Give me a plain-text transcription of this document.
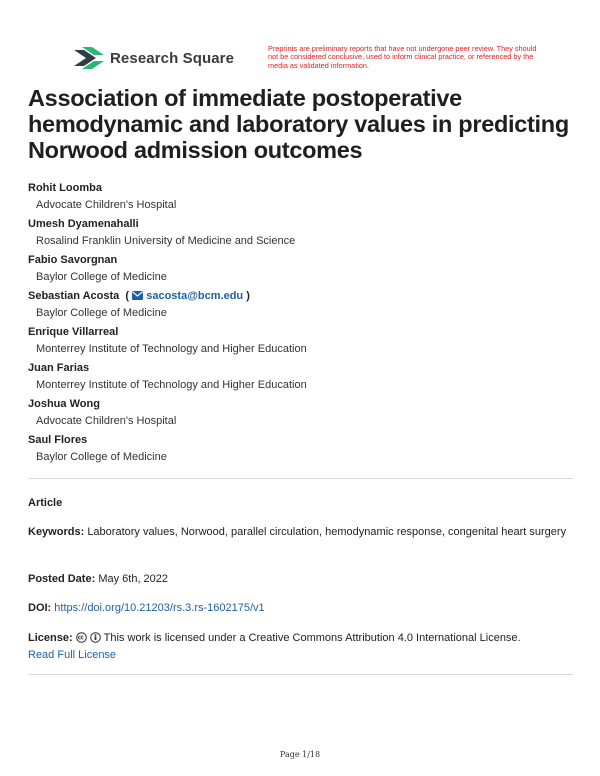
Research Square
Preprints are preliminary reports that have not undergone peer review. They should not be considered conclusive, used to inform clinical practice, or referenced by the media as validated information.
Association of immediate postoperative hemodynamic and laboratory values in predicting Norwood admission outcomes
Rohit Loomba
Advocate Children's Hospital
Umesh Dyamenahalli
Rosalind Franklin University of Medicine and Science
Fabio Savorgnan
Baylor College of Medicine
Sebastian Acosta  ( sacosta@bcm.edu )
Baylor College of Medicine
Enrique Villarreal
Monterrey Institute of Technology and Higher Education
Juan Farias
Monterrey Institute of Technology and Higher Education
Joshua Wong
Advocate Children's Hospital
Saul Flores
Baylor College of Medicine
Article
Keywords: Laboratory values, Norwood, parallel circulation, hemodynamic response, congenital heart surgery
Posted Date: May 6th, 2022
DOI: https://doi.org/10.21203/rs.3.rs-1602175/v1
License:	This work is licensed under a Creative Commons Attribution 4.0 International License.
Read Full License
Page 1/18
